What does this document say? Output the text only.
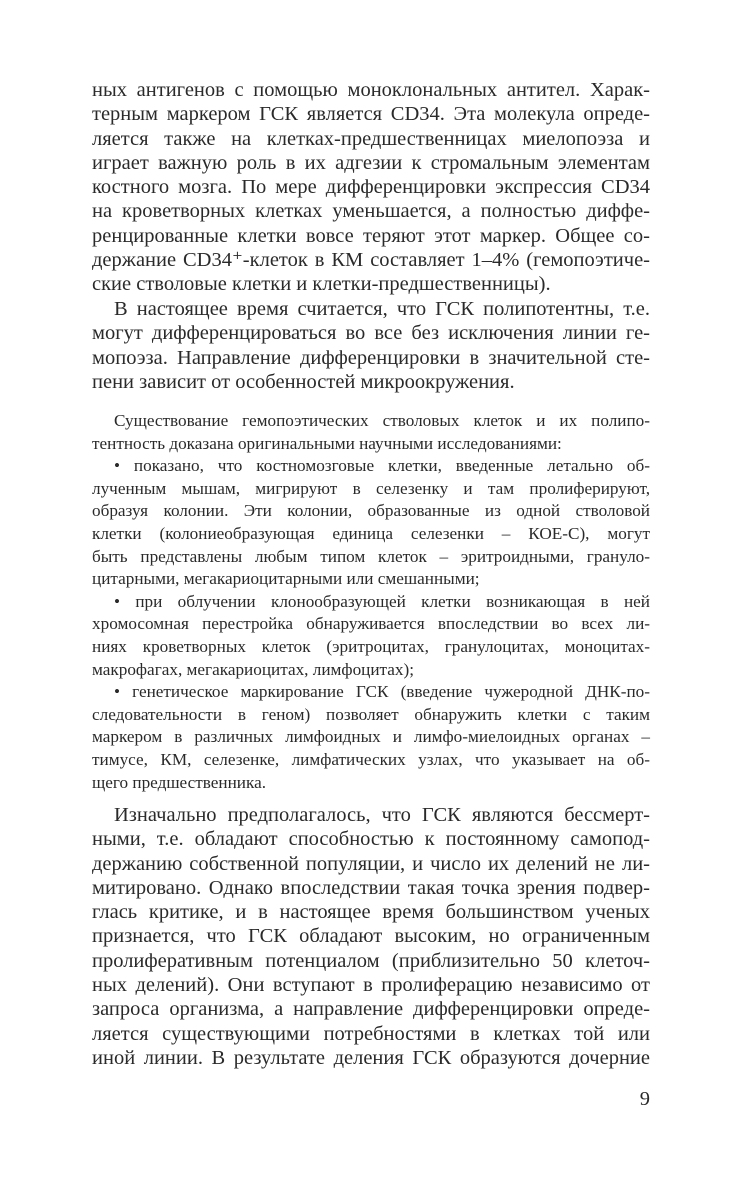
ных антигенов с помощью моноклональных антител. Харак-
терным маркером ГСК является CD34. Эта молекула опреде-
ляется также на клетках-предшественницах миелопоэза и
играет важную роль в их адгезии к стромальным элементам
костного мозга. По мере дифференцировки экспрессия CD34
на кроветворных клетках уменьшается, а полностью диффе-
ренцированные клетки вовсе теряют этот маркер. Общее со-
держание CD34⁺-клеток в КМ составляет 1–4% (гемопоэтиче-
ские стволовые клетки и клетки-предшественницы).
В настоящее время считается, что ГСК полипотентны, т.е.
могут дифференцироваться во все без исключения линии ге-
мопоэза. Направление дифференцировки в значительной сте-
пени зависит от особенностей микроокружения.
Существование гемопоэтических стволовых клеток и их полипо-
тентность доказана оригинальными научными исследованиями:
• показано, что костномозговые клетки, введенные летально об-
лученным мышам, мигрируют в селезенку и там пролиферируют,
образуя колонии. Эти колонии, образованные из одной стволовой
клетки (колониеобразующая единица селезенки – КОЕ-С), могут
быть представлены любым типом клеток – эритроидными, грануло-
цитарными, мегакариоцитарными или смешанными;
• при облучении клонообразующей клетки возникающая в ней
хромосомная перестройка обнаруживается впоследствии во всех ли-
ниях кроветворных клеток (эритроцитах, гранулоцитах, моноцитах-
макрофагах, мегакариоцитах, лимфоцитах);
• генетическое маркирование ГСК (введение чужеродной ДНК-по-
следовательности в геном) позволяет обнаружить клетки с таким
маркером в различных лимфоидных и лимфо-миелоидных органах –
тимусе, КМ, селезенке, лимфатических узлах, что указывает на об-
щего предшественника.
Изначально предполагалось, что ГСК являются бессмерт-
ными, т.е. обладают способностью к постоянному самопод-
держанию собственной популяции, и число их делений не ли-
митировано. Однако впоследствии такая точка зрения подвер-
глась критике, и в настоящее время большинством ученых
признается, что ГСК обладают высоким, но ограниченным
пролиферативным потенциалом (приблизительно 50 клеточ-
ных делений). Они вступают в пролиферацию независимо от
запроса организма, а направление дифференцировки опреде-
ляется существующими потребностями в клетках той или
иной линии. В результате деления ГСК образуются дочерние
9
